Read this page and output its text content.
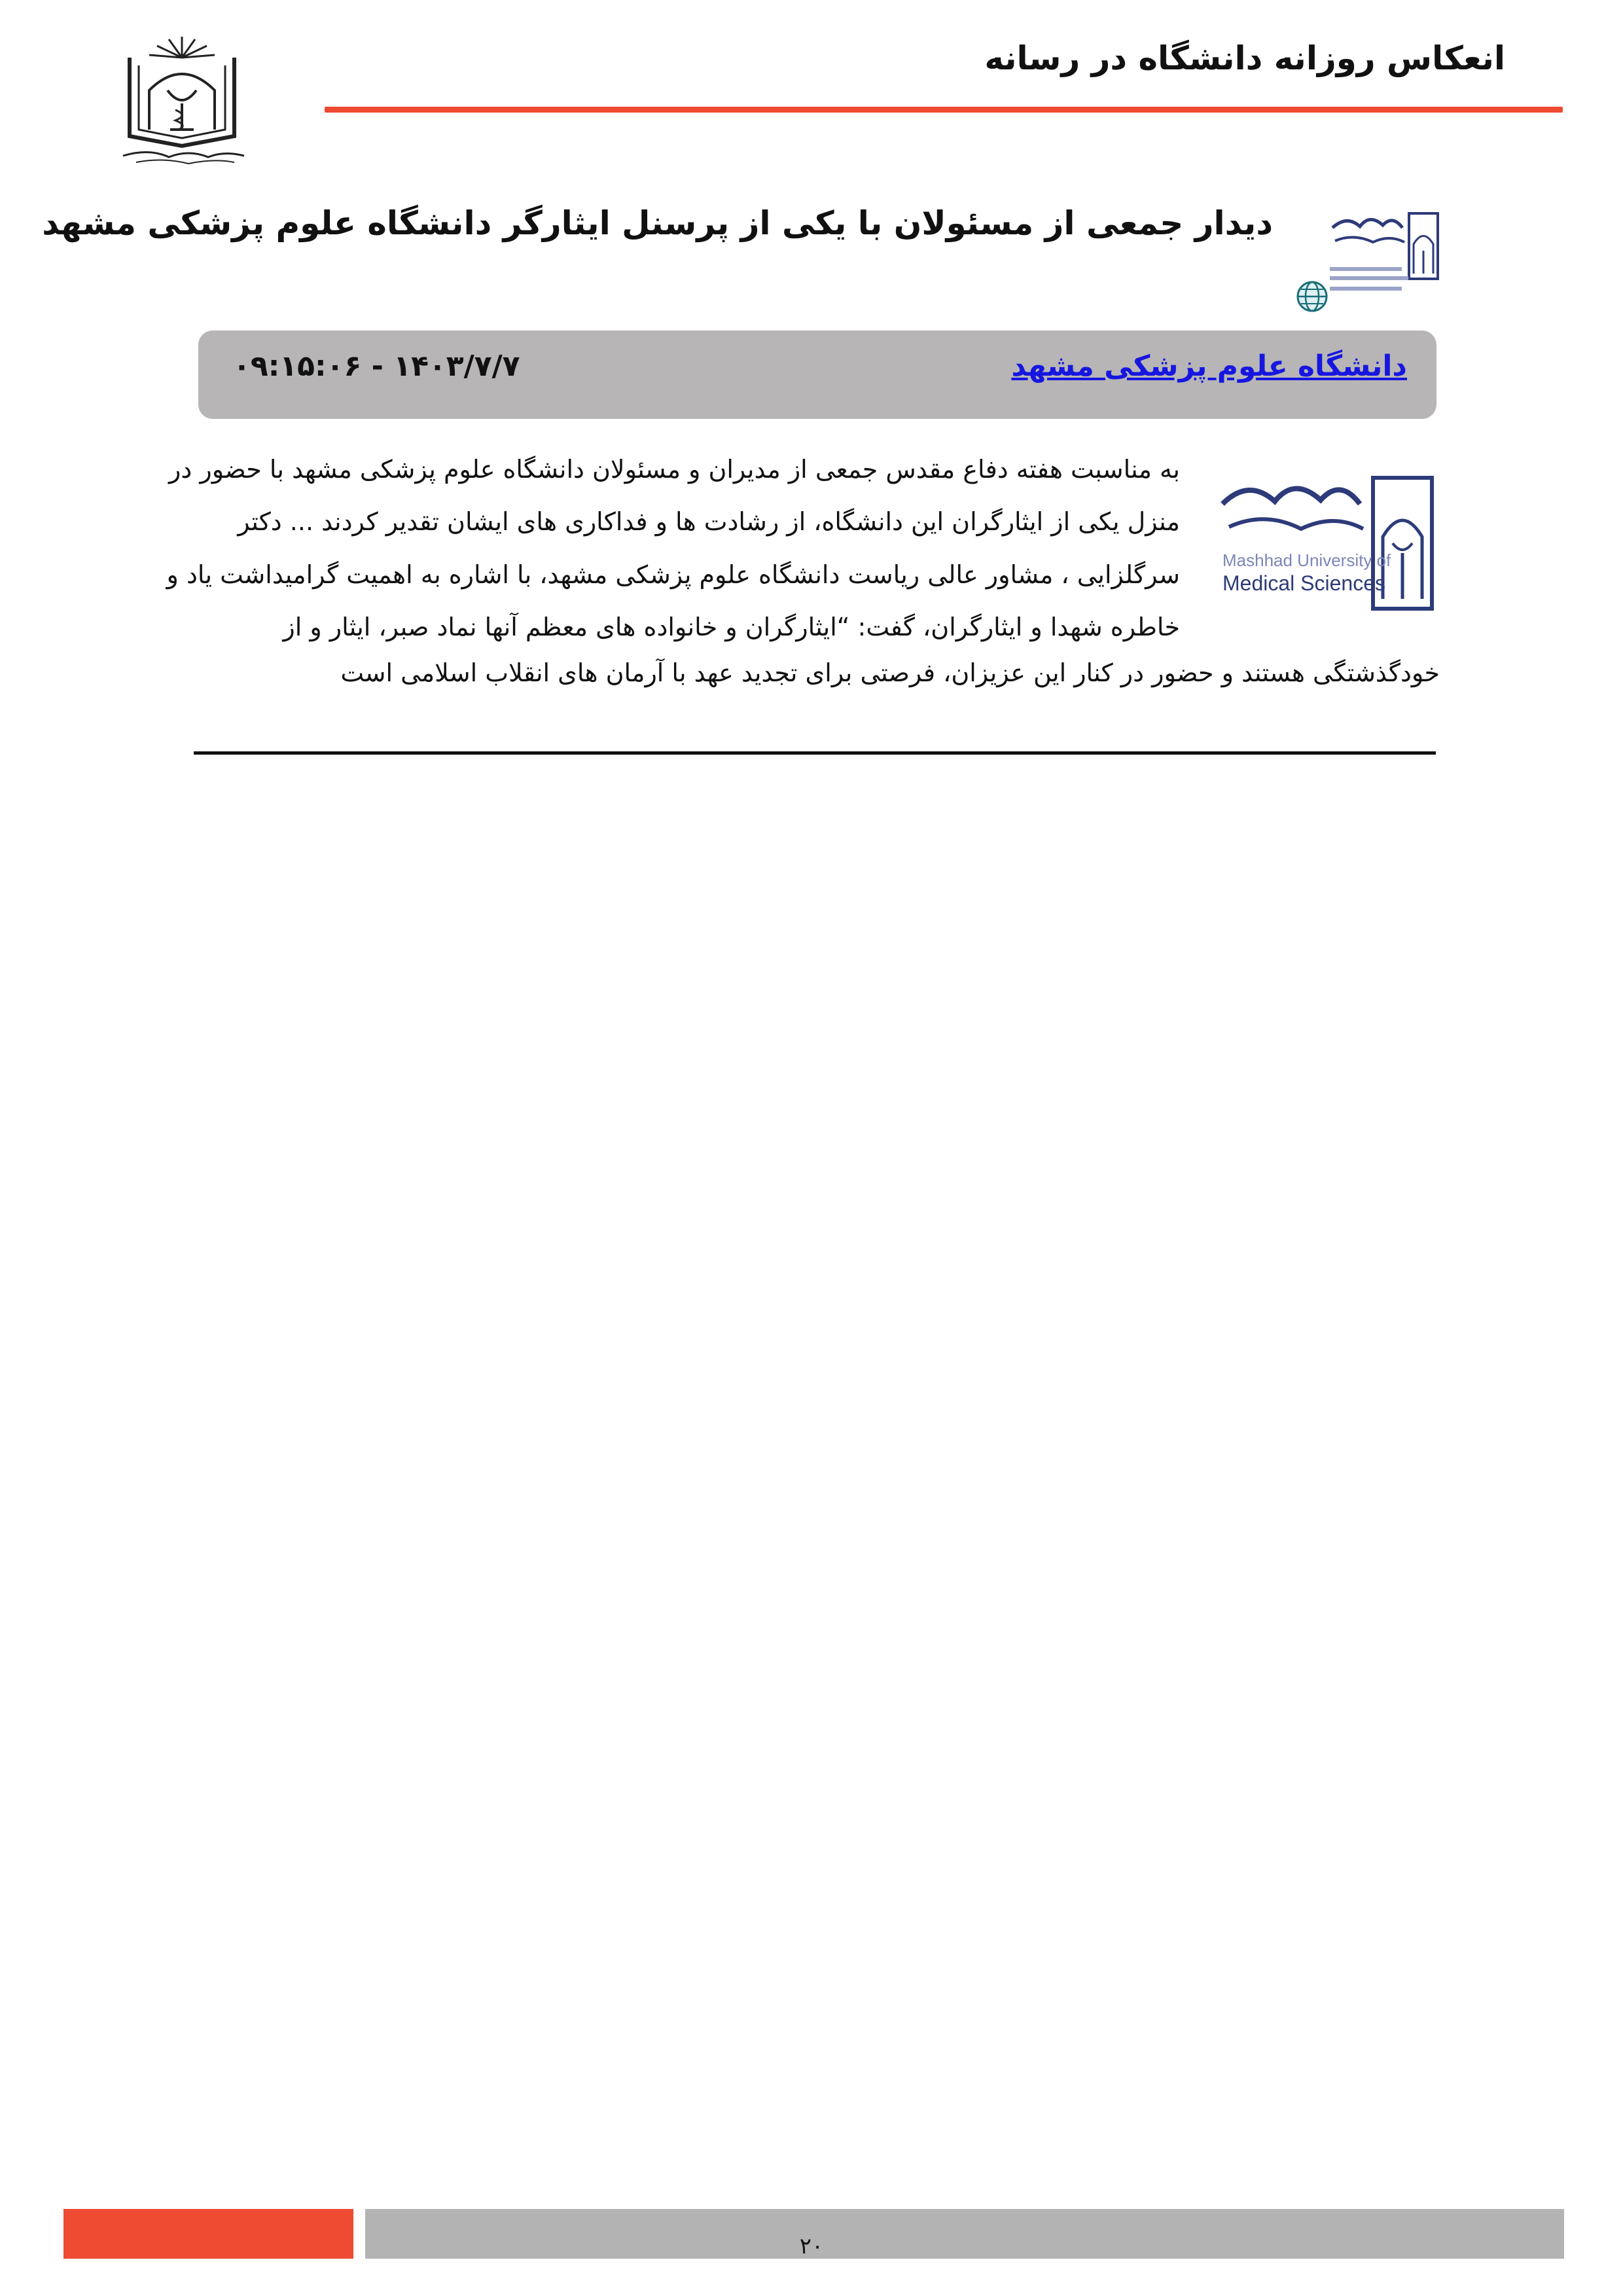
انعکاس روزانه دانشگاه در رسانه
دیدار جمعی از مسئولان با یکی از پرسنل ایثارگر دانشگاه علوم پزشکی مشهد
دانشگاه علوم پزشکی مشهد
۱۴۰۳/۷/۷ - ۰۹:۱۵:۰۶
Mashhad University of
Medical Sciences
به مناسبت هفته دفاع مقدس جمعی از مدیران و مسئولان دانشگاه علوم پزشکی مشهد با حضور در
منزل یکی از ایثارگران این دانشگاه، از رشادت ها و فداکاری های ایشان تقدیر کردند ... دکتر
سرگلزایی ، مشاور عالی ریاست دانشگاه علوم پزشکی مشهد، با اشاره به اهمیت گرامیداشت یاد و
خاطره شهدا و ایثارگران، گفت: “ایثارگران و خانواده های معظم آنها نماد صبر، ایثار و از
خودگذشتگی هستند و حضور در کنار این عزیزان، فرصتی برای تجدید عهد با آرمان های انقلاب اسلامی است
۲۰
